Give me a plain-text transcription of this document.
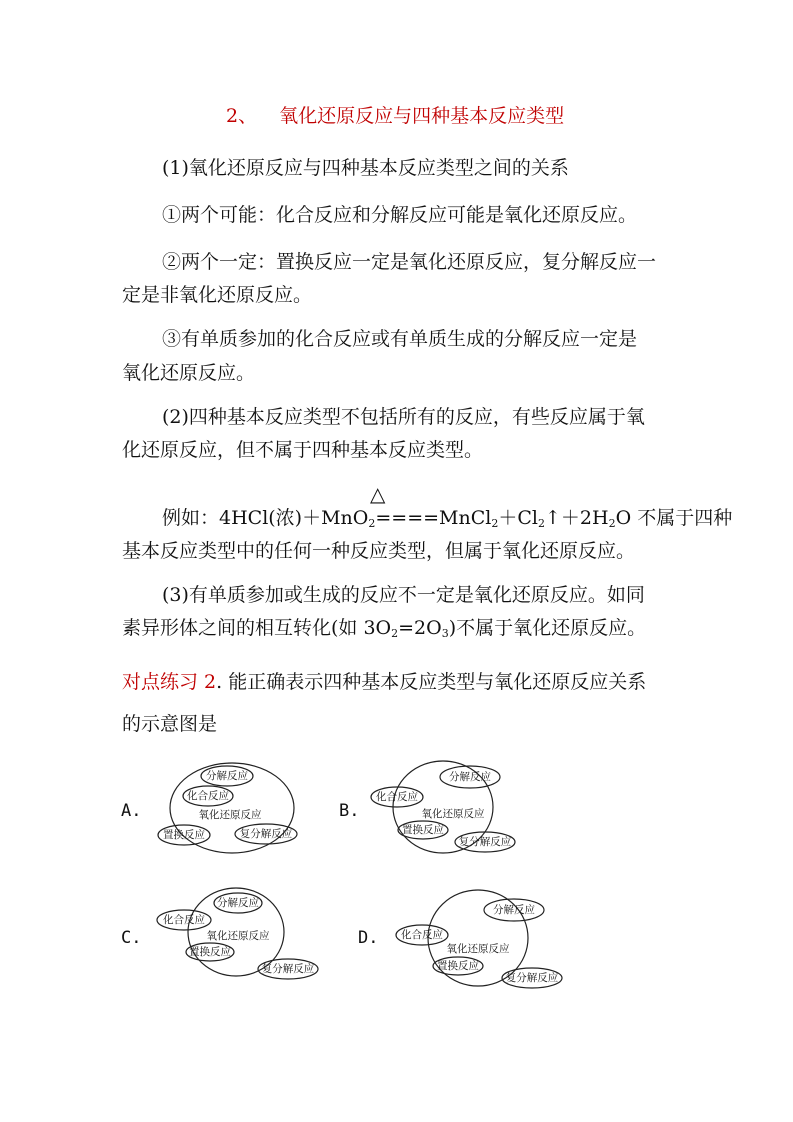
2、 氧化还原反应与四种基本反应类型
(1)氧化还原反应与四种基本反应类型之间的关系
①两个可能：化合反应和分解反应可能是氧化还原反应。
②两个一定：置换反应一定是氧化还原反应，复分解反应一
定是非氧化还原反应。
③有单质参加的化合反应或有单质生成的分解反应一定是
氧化还原反应。
(2)四种基本反应类型不包括所有的反应，有些反应属于氧
化还原反应，但不属于四种基本反应类型。
△
例如：4HCl(浓)$+MnO_2====MnCl_2+Cl_2↑+2H_2O$ 不属于四种
基本反应类型中的任何一种反应类型，但属于氧化还原反应。
(3)有单质参加或生成的反应不一定是氧化还原反应。如同
素异形体之间的相互转化(如 $3O_2=2O_3$)不属于氧化还原反应。
对点练习 2. 能正确表示四种基本反应类型与氧化还原反应关系
的示意图是
A.	B.
C.	D.
分解反应
化合反应
氧化还原反应
置换反应	复分解反应
分解反应
化合反应
氧化还原反应
置换反应
复分解反应
分解反应
化合反应
氧化还原反应
置换反应
复分解反应
分解反应
化合反应
氧化还原反应
置换反应
复分解反应
